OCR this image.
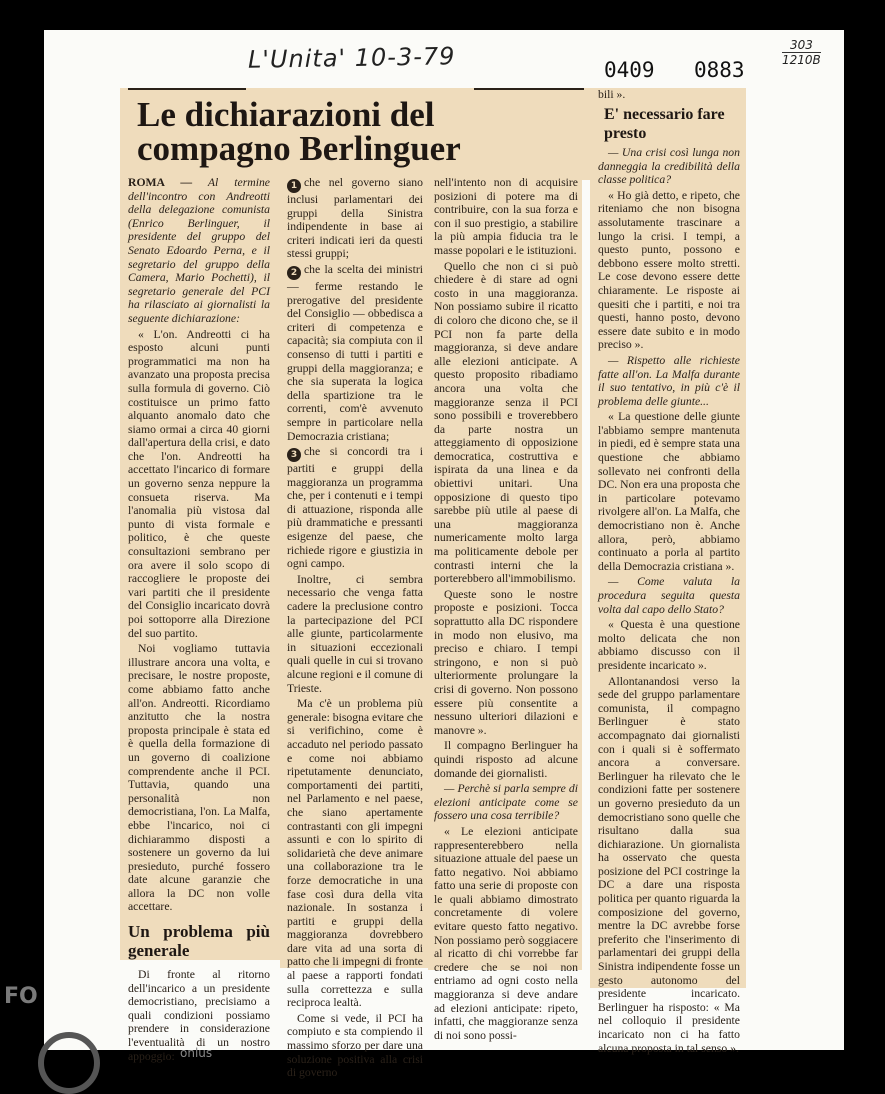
L'Unita' 10-3-79	303
1210B
0409 0883
Le dichiarazioni del compagno Berlinguer

ROMA — Al termine dell'incontro con Andreotti della delegazione comunista (Enrico Berlinguer, il presidente del gruppo del Senato Edoardo Perna, e il segretario del gruppo della Camera, Mario Pochetti), il segretario generale del PCI ha rilasciato ai giornalisti la seguente dichiarazione:

« L'on. Andreotti ci ha esposto alcuni punti programmatici ma non ha avanzato una proposta precisa sulla formula di governo. Ciò costituisce un primo fatto alquanto anomalo dato che siamo ormai a circa 40 giorni dall'apertura della crisi, e dato che l'on. Andreotti ha accettato l'incarico di formare un governo senza neppure la consueta riserva. Ma l'anomalia più vistosa dal punto di vista formale e politico, è che queste consultazioni sembrano per ora avere il solo scopo di raccogliere le proposte dei vari partiti che il presidente del Consiglio incaricato dovrà poi sottoporre alla Direzione del suo partito.

Noi vogliamo tuttavia illustrare ancora una volta, e precisare, le nostre proposte, come abbiamo fatto anche all'on. Andreotti. Ricordiamo anzitutto che la nostra proposta principale è stata ed è quella della formazione di un governo di coalizione comprendente anche il PCI. Tuttavia, quando una personalità non democristiana, l'on. La Malfa, ebbe l'incarico, noi ci dichiarammo disposti a sostenere un governo da lui presieduto, purché fossero date alcune garanzie che allora la DC non volle accettare.

Un problema più generale

Di fronte al ritorno dell'incarico a un presidente democristiano, precisiamo a quali condizioni possiamo prendere in considerazione l'eventualità di un nostro appoggio:

1 che nel governo siano inclusi parlamentari dei gruppi della Sinistra indipendente in base ai criteri indicati ieri da questi stessi gruppi;

2 che la scelta dei ministri — ferme restando le prerogative del presidente del Consiglio — obbedisca a criteri di competenza e capacità; sia compiuta con il consenso di tutti i partiti e gruppi della maggioranza; e che sia superata la logica della spartizione tra le correnti, com'è avvenuto sempre in particolare nella Democrazia cristiana;

3 che si concordi tra i partiti e gruppi della maggioranza un programma che, per i contenuti e i tempi di attuazione, risponda alle più drammatiche e pressanti esigenze del paese, che richiede rigore e giustizia in ogni campo.

Inoltre, ci sembra necessario che venga fatta cadere la preclusione contro la partecipazione del PCI alle giunte, particolarmente in situazioni eccezionali quali quelle in cui si trovano alcune regioni e il comune di Trieste.

Ma c'è un problema più generale: bisogna evitare che si verifichino, come è accaduto nel periodo passato e come noi abbiamo ripetutamente denunciato, comportamenti dei partiti, nel Parlamento e nel paese, che siano apertamente contrastanti con gli impegni assunti e con lo spirito di solidarietà che deve animare una collaborazione tra le forze democratiche in una fase così dura della vita nazionale. In sostanza i partiti e gruppi della maggioranza dovrebbero dare vita ad una sorta di patto che li impegni di fronte al paese a rapporti fondati sulla correttezza e sulla reciproca lealtà.

Come si vede, il PCI ha compiuto e sta compiendo il massimo sforzo per dare una soluzione positiva alla crisi di governo

nell'intento non di acquisire posizioni di potere ma di contribuire, con la sua forza e con il suo prestigio, a stabilire la più ampia fiducia tra le masse popolari e le istituzioni.

Quello che non ci si può chiedere è di stare ad ogni costo in una maggioranza. Non possiamo subire il ricatto di coloro che dicono che, se il PCI non fa parte della maggioranza, si deve andare alle elezioni anticipate. A questo proposito ribadiamo ancora una volta che maggioranze senza il PCI sono possibili e troverebbero da parte nostra un atteggiamento di opposizione democratica, costruttiva e ispirata da una linea e da obiettivi unitari. Una opposizione di questo tipo sarebbe più utile al paese di una maggioranza numericamente molto larga ma politicamente debole per contrasti interni che la porterebbero all'immobilismo.

Queste sono le nostre proposte e posizioni. Toccа soprattutto alla DC rispondere in modo non elusivo, ma preciso e chiaro. I tempi stringono, e non si può ulteriormente prolungare la crisi di governo. Non possono essere più consentite a nessuno ulteriori dilazioni e manovre ».

Il compagno Berlinguer ha quindi risposto ad alcune domande dei giornalisti.

— Perchè si parla sempre di elezioni anticipate come se fossero una cosa terribile?

« Le elezioni anticipate rappresenterebbero nella situazione attuale del paese un fatto negativo. Noi abbiamo fatto una serie di proposte con le quali abbiamo dimostrato concretamente di volere evitare questo fatto negativo. Non possiamo però soggiacere al ricatto di chi vorrebbe far credere che se noi non entriamo ad ogni costo nella maggioranza si deve andare ad elezioni anticipate: ripeto, infatti, che maggioranze senza di noi sono possi-

bili ».

E' necessario fare presto

— Una crisi così lunga non danneggia la credibilità della classe politica?

« Ho già detto, e ripeto, che riteniamo che non bisogna assolutamente trascinare a lungo la crisi. I tempi, a questo punto, possono e debbono essere molto stretti. Le cose devono essere dette chiaramente. Le risposte ai quesiti che i partiti, e noi tra questi, hanno posto, devono essere date subito e in modo preciso ».

— Rispetto alle richieste fatte all'on. La Malfa durante il suo tentativo, in più c'è il problema delle giunte...

« La questione delle giunte l'abbiamo sempre mantenuta in piedi, ed è sempre stata una questione che abbiamo sollevato nei confronti della DC. Non era una proposta che in particolare potevamo rivolgere all'on. La Malfa, che democristiano non è. Anche allora, però, abbiamo continuato a porla al partito della Democrazia cristiana ».

— Come valuta la procedura seguita questa volta dal capo dello Stato?

« Questa è una questione molto delicata che non abbiamo discusso con il presidente incaricato ».

Allontanandosi verso la sede del gruppo parlamentare comunista, il compagno Berlinguer è stato accompagnato dai giornalisti con i quali si è soffermato ancora a conversare. Berlinguer ha rilevato che le condizioni fatte per sostenere un governo presieduto da un democristiano sono quelle che risultano dalla sua dichiarazione. Un giornalista ha osservato che questa posizione del PCI costringe la DC a dare una risposta politica per quanto riguarda la composizione del governo, mentre la DC avrebbe forse preferito che l'inserimento di parlamentari dei gruppi della Sinistra indipendente fosse un gesto autonomo del presidente incaricato. Berlinguer ha risposto: « Ma nel colloquio il presidente incaricato non ci ha fatto alcuna proposta in tal senso ».

FO
onlus
